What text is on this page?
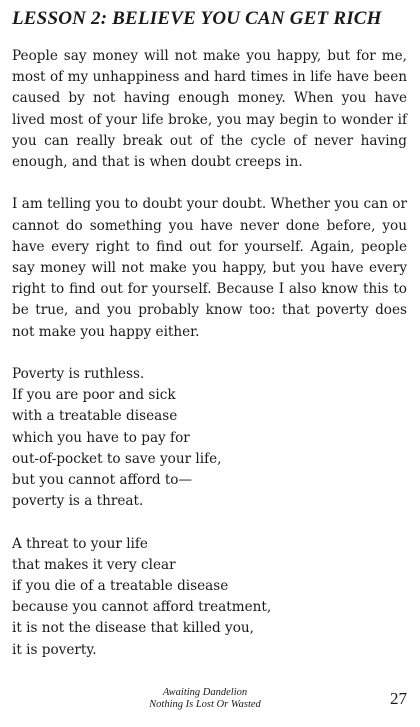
LESSON 2: BELIEVE YOU CAN GET RICH

People say money will not make you happy, but for me, most of my unhappiness and hard times in life have been caused by not having enough money. When you have lived most of your life broke, you may begin to wonder if you can really break out of the cycle of never having enough, and that is when doubt creeps in.

I am telling you to doubt your doubt. Whether you can or cannot do something you have never done before, you have every right to find out for yourself. Again, people say money will not make you happy, but you have every right to find out for yourself. Because I also know this to be true, and you probably know too: that poverty does not make you happy either.

Poverty is ruthless.
If you are poor and sick
with a treatable disease
which you have to pay for
out-of-pocket to save your life,
but you cannot afford to—
poverty is a threat.
A threat to your life
that makes it very clear
if you die of a treatable disease
because you cannot afford treatment,
it is not the disease that killed you,
it is poverty.
Awaiting Dandelion
Nothing Is Lost Or Wasted	27
